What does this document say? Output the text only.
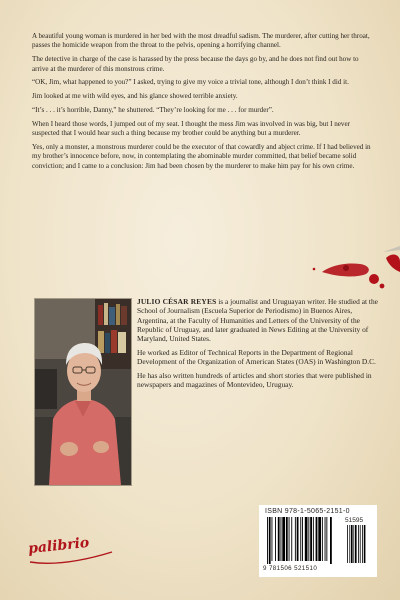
A beautiful young woman is murdered in her bed with the most dreadful sadism. The murderer, after cutting her throat, passes the homicide weapon from the throat to the pelvis, opening a horrifying channel.

The detective in charge of the case is harassed by the press because the days go by, and he does not find out how to arrive at the murderer of this monstrous crime.

“OK, Jim, what happened to you?” I asked, trying to give my voice a trivial tone, although I don’t think I did it.

Jim looked at me with wild eyes, and his glance showed terrible anxiety.

“It’s . . . it’s horrible, Danny,” he shuttered. “They’re looking for me . . . for murder”.

When I heard those words, I jumped out of my seat. I thought the mess Jim was involved in was big, but I never suspected that I would hear such a thing because my brother could be anything but a murderer.

Yes, only a monster, a monstrous murderer could be the executor of that cowardly and abject crime. If I had believed in my brother’s innocence before, now, in contemplating the abominable murder committed, that belief became solid conviction; and I came to a conclusion: Jim had been chosen by the murderer to make him pay for his own crime.

JULIO CÉSAR REYES is a journalist and Uruguayan writer. He studied at the School of Journalism (Escuela Superior de Periodismo) in Buenos Aires, Argentina, at the Faculty of Humanities and Letters of the University of the Republic of Uruguay, and later graduated in News Editing at the University of Maryland, United States.

He worked as Editor of Technical Reports in the Department of Regional Development of the Organization of American States (OAS) in Washington D.C.

He has also written hundreds of articles and short stories that were published in newspapers and magazines of Montevideo, Uruguay.

palibrio
ISBN 978-1-5065-2151-0
51595
9 781506 521510
